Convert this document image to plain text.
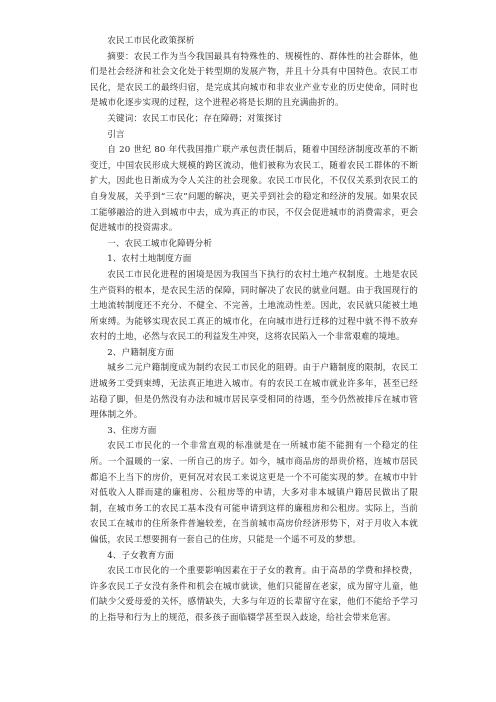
农民工市民化政策探析

摘要：农民工作为当今我国最具有特殊性的、规模性的、群体性的社会群体，他们是社会经济和社会文化处于转型期的发展产物，并且十分具有中国特色。农民工市民化，是农民工的最终归宿，是完成其向城市和非农业产业专业的历史使命，同时也是城市化逐步实现的过程，这个进程必将是长期的且充满曲折的。

关键词：农民工市民化；存在障碍；对策探讨

引言

自 20 世纪 80 年代我国推广联产承包责任制后，随着中国经济制度改革的不断变迁，中国农民形成大规模的跨区流动，他们被称为农民工，随着农民工群体的不断扩大，因此也日渐成为令人关注的社会现象。农民工市民化，不仅仅关系到农民工的自身发展，关乎到“三农”问题的解决，更关乎到社会的稳定和经济的发展。如果农民工能够融洽的进入到城市中去，成为真正的市民，不仅会促进城市的消费需求，更会促进城市的投资需求。

一、农民工城市化障碍分析

1、农村土地制度方面

农民工市民化进程的困境是因为我国当下执行的农村土地产权制度。土地是农民生产资料的根本，是农民生活的保障，同时解决了农民的就业问题。由于我国现行的土地流转制度还不充分、不健全、不完善，土地流动性差。因此，农民就只能被土地所束缚。为能够实现农民工真正的城市化，在向城市进行迁移的过程中就不得不放弃农村的土地，必然与农民工的利益发生冲突，这将农民陷入一个非常艰难的境地。

2、户籍制度方面

城乡二元户籍制度成为制约农民工市民化的阻碍。由于户籍制度的限制，农民工进城务工受到束缚，无法真正地进入城市。有的农民工在城市就业许多年，甚至已经站稳了脚，但是仍然没有办法和城市居民享受相同的待遇，至今仍然被排斥在城市管理体制之外。

3、住房方面

农民工市民化的一个非常直观的标准就是在一所城市能不能拥有一个稳定的住所。一个温暖的一家、一所自己的房子。如今，城市商品房的昂贵价格，连城市居民都追不上当下的房价，更何况对农民工来说这更是一个不可能实现的梦。在城市中针对低收入人群而建的廉租房、公租房等的申请，大多对非本城镇户籍居民做出了限制，在城市务工的农民工基本没有可能申请到这样的廉租房和公租房。实际上，当前农民工在城市的住所条件普遍较差，在当前城市高房价经济形势下，对于月收入本就偏低，农民工想要拥有一套自己的住房，只能是一个遥不可及的梦想。

4、子女教育方面

农民工市民化的一个重要影响因素在于子女的教育。由于高昂的学费和择校费，许多农民工子女没有条件和机会在城市就读，他们只能留在老家，成为留守儿童，他们缺少父爱母爱的关怀，感情缺失，大多与年迈的长辈留守在家，他们不能给予学习的上指导和行为上的规范，很多孩子面临辍学甚至误入歧途，给社会带来危害。
